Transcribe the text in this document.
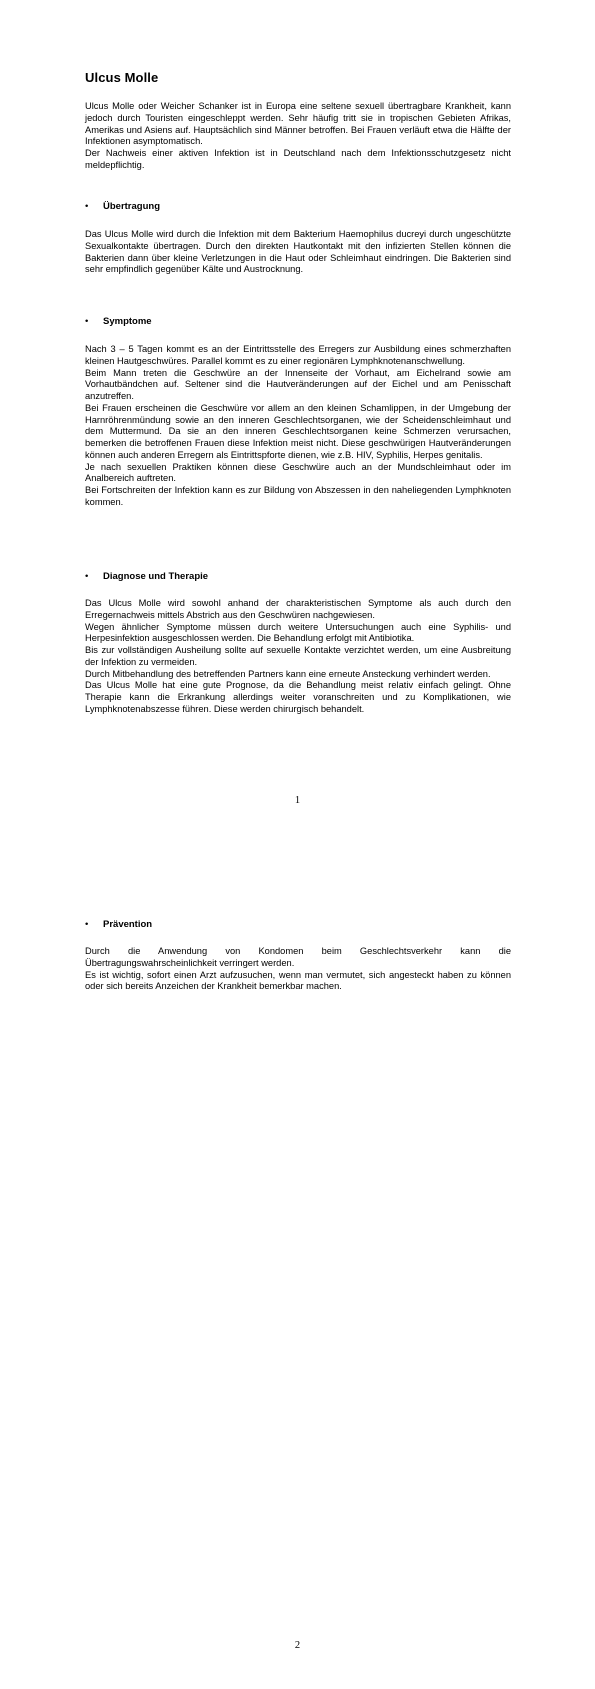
Ulcus Molle

Ulcus Molle oder Weicher Schanker ist in Europa eine seltene sexuell übertragbare Krankheit, kann jedoch durch Touristen eingeschleppt werden. Sehr häufig tritt sie in tropischen Gebieten Afrikas, Amerikas und Asiens auf. Hauptsächlich sind Männer betroffen. Bei Frauen verläuft etwa die Hälfte der Infektionen asymptomatisch.

Der Nachweis einer aktiven Infektion ist in Deutschland nach dem Infektionsschutzgesetz nicht meldepflichtig.

• Übertragung

Das Ulcus Molle wird durch die Infektion mit dem Bakterium Haemophilus ducreyi durch ungeschützte Sexualkontakte übertragen. Durch den direkten Hautkontakt mit den infizierten Stellen können die Bakterien dann über kleine Verletzungen in die Haut oder Schleimhaut eindringen. Die Bakterien sind sehr empfindlich gegenüber Kälte und Austrocknung.

• Symptome

Nach 3 – 5 Tagen kommt es an der Eintrittsstelle des Erregers zur Ausbildung eines schmerzhaften kleinen Hautgeschwüres. Parallel kommt es zu einer regionären Lymphknotenanschwellung.

Beim Mann treten die Geschwüre an der Innenseite der Vorhaut, am Eichelrand sowie am Vorhautbändchen auf. Seltener sind die Hautveränderungen auf der Eichel und am Penisschaft anzutreffen.

Bei Frauen erscheinen die Geschwüre vor allem an den kleinen Schamlippen, in der Umgebung der Harnröhrenmündung sowie an den inneren Geschlechtsorganen, wie der Scheidenschleimhaut und dem Muttermund. Da sie an den inneren Geschlechtsorganen keine Schmerzen verursachen, bemerken die betroffenen Frauen diese Infektion meist nicht. Diese geschwürigen Hautveränderungen können auch anderen Erregern als Eintrittspforte dienen, wie z.B. HIV, Syphilis, Herpes genitalis.

Je nach sexuellen Praktiken können diese Geschwüre auch an der Mundschleimhaut oder im Analbereich auftreten.

Bei Fortschreiten der Infektion kann es zur Bildung von Abszessen in den naheliegenden Lymphknoten kommen.

• Diagnose und Therapie

Das Ulcus Molle wird sowohl anhand der charakteristischen Symptome als auch durch den Erregernachweis mittels Abstrich aus den Geschwüren nachgewiesen.

Wegen ähnlicher Symptome müssen durch weitere Untersuchungen auch eine Syphilis- und Herpesinfektion ausgeschlossen werden. Die Behandlung erfolgt mit Antibiotika.

Bis zur vollständigen Ausheilung sollte auf sexuelle Kontakte verzichtet werden, um eine Ausbreitung der Infektion zu vermeiden.

Durch Mitbehandlung des betreffenden Partners kann eine erneute Ansteckung verhindert werden.

Das Ulcus Molle hat eine gute Prognose, da die Behandlung meist relativ einfach gelingt. Ohne Therapie kann die Erkrankung allerdings weiter voranschreiten und zu Komplikationen, wie Lymphknotenabszesse führen. Diese werden chirurgisch behandelt.

1
• Prävention

Durch die Anwendung von Kondomen beim Geschlechtsverkehr kann die Übertragungswahrscheinlichkeit verringert werden.

Es ist wichtig, sofort einen Arzt aufzusuchen, wenn man vermutet, sich angesteckt haben zu können oder sich bereits Anzeichen der Krankheit bemerkbar machen.

2
